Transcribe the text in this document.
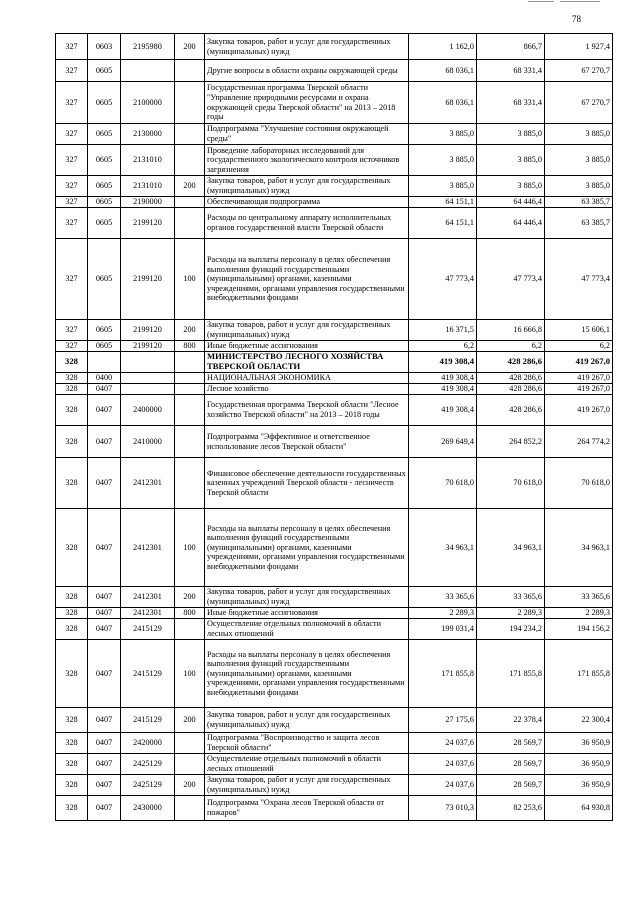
78
327	0603	2195980	200	Закупка товаров, работ и услуг для государственных (муниципальных) нужд	1 162,0	866,7	1 927,4
327	0605			Другие вопросы в области охраны окружающей среды	68 036,1	68 331,4	67 270,7
327	0605	2100000		Государственная программа Тверской области "Управление природными ресурсами и охрана окружающей среды Тверской области" на 2013 – 2018 годы	68 036,1	68 331,4	67 270,7
327	0605	2130000		Подпрограмма "Улучшение состояния окружающей среды"	3 885,0	3 885,0	3 885,0
327	0605	2131010		Проведение лабораторных исследований для государственного экологического контроля источников загрязнения	3 885,0	3 885,0	3 885,0
327	0605	2131010	200	Закупка товаров, работ и услуг для государственных (муниципальных) нужд	3 885,0	3 885,0	3 885,0
327	0605	2190000		Обеспечивающая подпрограмма	64 151,1	64 446,4	63 385,7
327	0605	2199120		Расходы по центральному аппарату исполнительных органов государственной власти Тверской области	64 151,1	64 446,4	63 385,7
327	0605	2199120	100	Расходы на выплаты персоналу в целях обеспечения выполнения функций государственными (муниципальными) органами, казенными учреждениями, органами управления государственными внебюджетными фондами	47 773,4	47 773,4	47 773,4
327	0605	2199120	200	Закупка товаров, работ и услуг для государственных (муниципальных) нужд	16 371,5	16 666,8	15 606,1
327	0605	2199120	800	Иные бюджетные ассигнования	6,2	6,2	6,2
328				МИНИСТЕРСТВО ЛЕСНОГО ХОЗЯЙСТВА ТВЕРСКОЙ ОБЛАСТИ	419 308,4	428 286,6	419 267,0
328	0400			НАЦИОНАЛЬНАЯ ЭКОНОМИКА	419 308,4	428 286,6	419 267,0
328	0407			Лесное хозяйство	419 308,4	428 286,6	419 267,0
328	0407	2400000		Государственная программа Тверской области "Лесное хозяйство Тверской области" на 2013 – 2018 годы	419 308,4	428 286,6	419 267,0
328	0407	2410000		Подпрограмма "Эффективное и ответственное использование лесов Тверской области"	269 649,4	264 852,2	264 774,2
328	0407	2412301		Финансовое обеспечение деятельности государственных казенных учреждений Тверской области - лесничеств Тверской области	70 618,0	70 618,0	70 618,0
328	0407	2412301	100	Расходы на выплаты персоналу в целях обеспечения выполнения функций государственными (муниципальными) органами, казенными учреждениями, органами управления государственными внебюджетными фондами	34 963,1	34 963,1	34 963,1
328	0407	2412301	200	Закупка товаров, работ и услуг для государственных (муниципальных) нужд	33 365,6	33 365,6	33 365,6
328	0407	2412301	800	Иные бюджетные ассигнования	2 289,3	2 289,3	2 289,3
328	0407	2415129		Осуществление отдельных полномочий в области лесных отношений	199 031,4	194 234,2	194 156,2
328	0407	2415129	100	Расходы на выплаты персоналу в целях обеспечения выполнения функций государственными (муниципальными) органами, казенными учреждениями, органами управления государственными внебюджетными фондами	171 855,8	171 855,8	171 855,8
328	0407	2415129	200	Закупка товаров, работ и услуг для государственных (муниципальных) нужд	27 175,6	22 378,4	22 300,4
328	0407	2420000		Подпрограмма "Воспроизводство и защита лесов Тверской области"	24 037,6	28 569,7	36 950,9
328	0407	2425129		Осуществление отдельных полномочий в области лесных отношений	24 037,6	28 569,7	36 950,9
328	0407	2425129	200	Закупка товаров, работ и услуг для государственных (муниципальных) нужд	24 037,6	28 569,7	36 950,9
328	0407	2430000		Подпрограмма "Охрана лесов Тверской области от пожаров"	73 010,3	82 253,6	64 930,8
